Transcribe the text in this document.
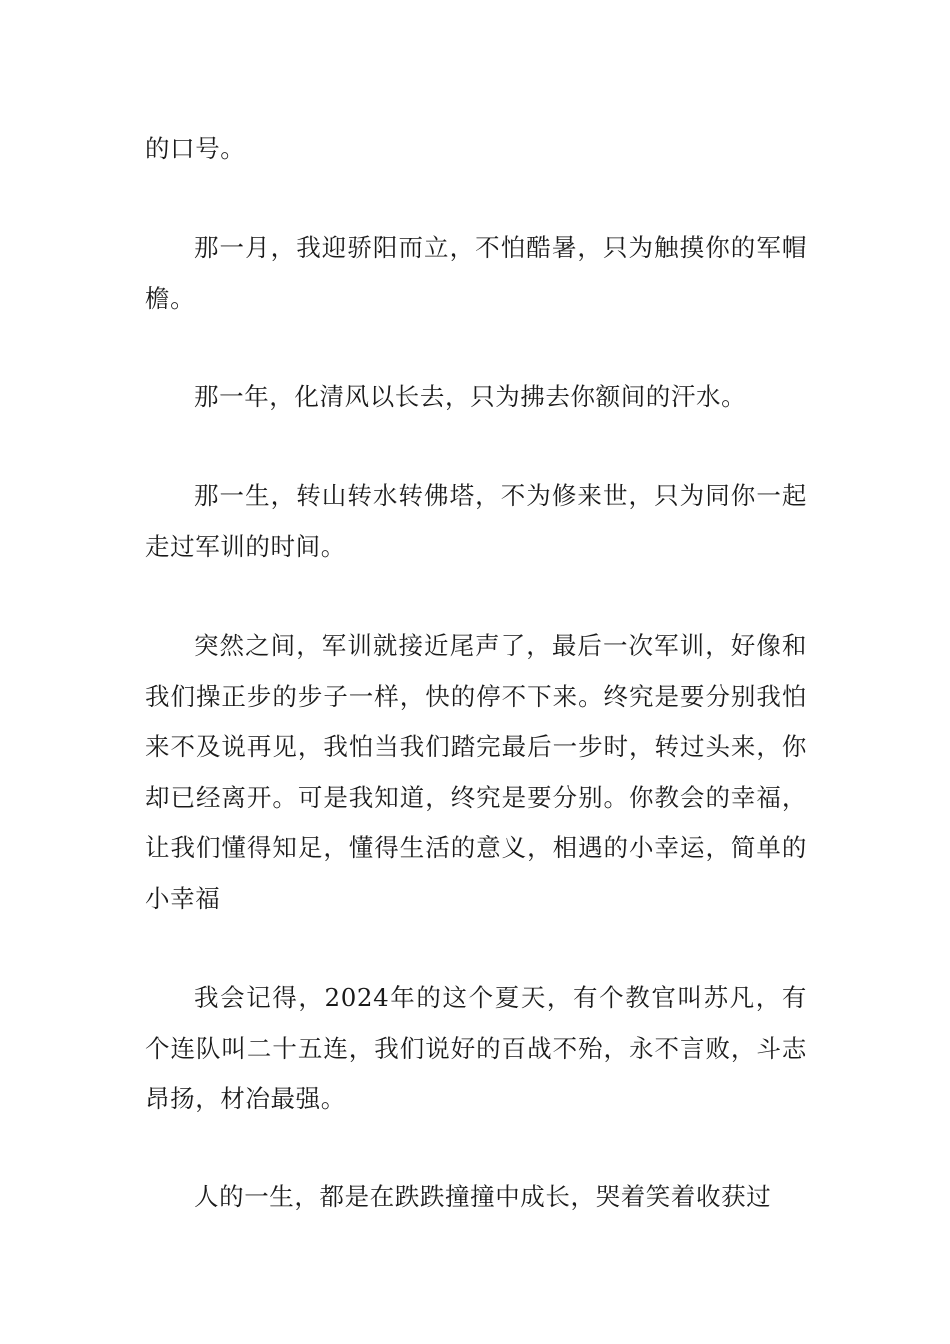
的口号。

那一月，我迎骄阳而立，不怕酷暑，只为触摸你的军帽檐。

那一年，化清风以长去，只为拂去你额间的汗水。

那一生，转山转水转佛塔，不为修来世，只为同你一起走过军训的时间。

突然之间，军训就接近尾声了，最后一次军训，好像和我们操正步的步子一样，快的停不下来。终究是要分别我怕来不及说再见，我怕当我们踏完最后一步时，转过头来，你却已经离开。可是我知道，终究是要分别。你教会的幸福，让我们懂得知足，懂得生活的意义，相遇的小幸运，简单的小幸福

我会记得，2024年的这个夏天，有个教官叫苏凡，有个连队叫二十五连，我们说好的百战不殆，永不言败，斗志昂扬，材冶最强。

人的一生，都是在跌跌撞撞中成长，哭着笑着收获过
